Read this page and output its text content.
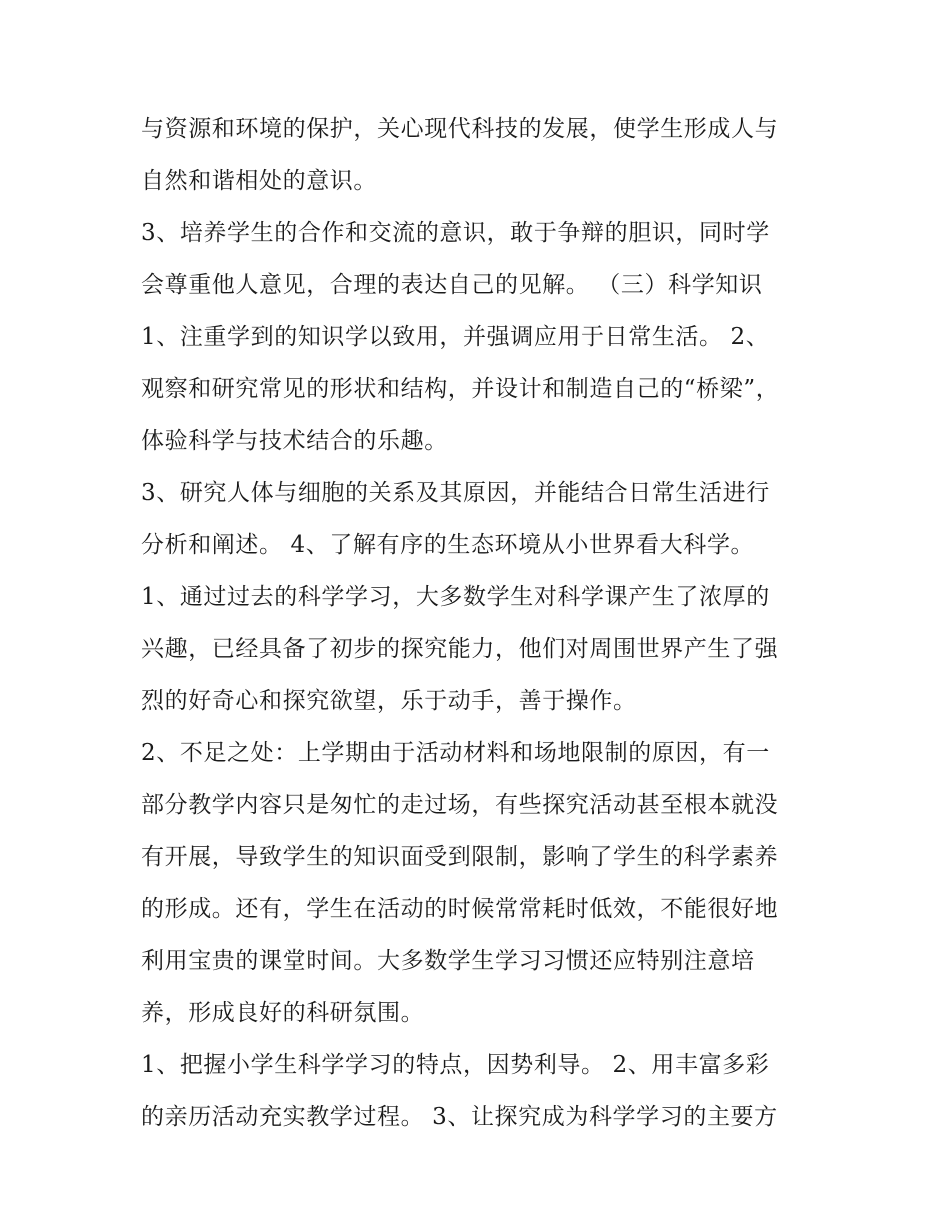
与资源和环境的保护，关心现代科技的发展，使学生形成人与
自然和谐相处的意识。
3、培养学生的合作和交流的意识，敢于争辩的胆识，同时学
会尊重他人意见，合理的表达自己的见解。 （三）科学知识
1、注重学到的知识学以致用，并强调应用于日常生活。 2、
观察和研究常见的形状和结构，并设计和制造自己的“桥梁”，
体验科学与技术结合的乐趣。
3、研究人体与细胞的关系及其原因，并能结合日常生活进行
分析和阐述。 4、了解有序的生态环境从小世界看大科学。
1、通过过去的科学学习，大多数学生对科学课产生了浓厚的
兴趣，已经具备了初步的探究能力，他们对周围世界产生了强
烈的好奇心和探究欲望，乐于动手，善于操作。
2、不足之处：上学期由于活动材料和场地限制的原因，有一
部分教学内容只是匆忙的走过场，有些探究活动甚至根本就没
有开展，导致学生的知识面受到限制，影响了学生的科学素养
的形成。还有，学生在活动的时候常常耗时低效，不能很好地
利用宝贵的课堂时间。大多数学生学习习惯还应特别注意培
养，形成良好的科研氛围。
1、把握小学生科学学习的特点，因势利导。 2、用丰富多彩
的亲历活动充实教学过程。 3、让探究成为科学学习的主要方
